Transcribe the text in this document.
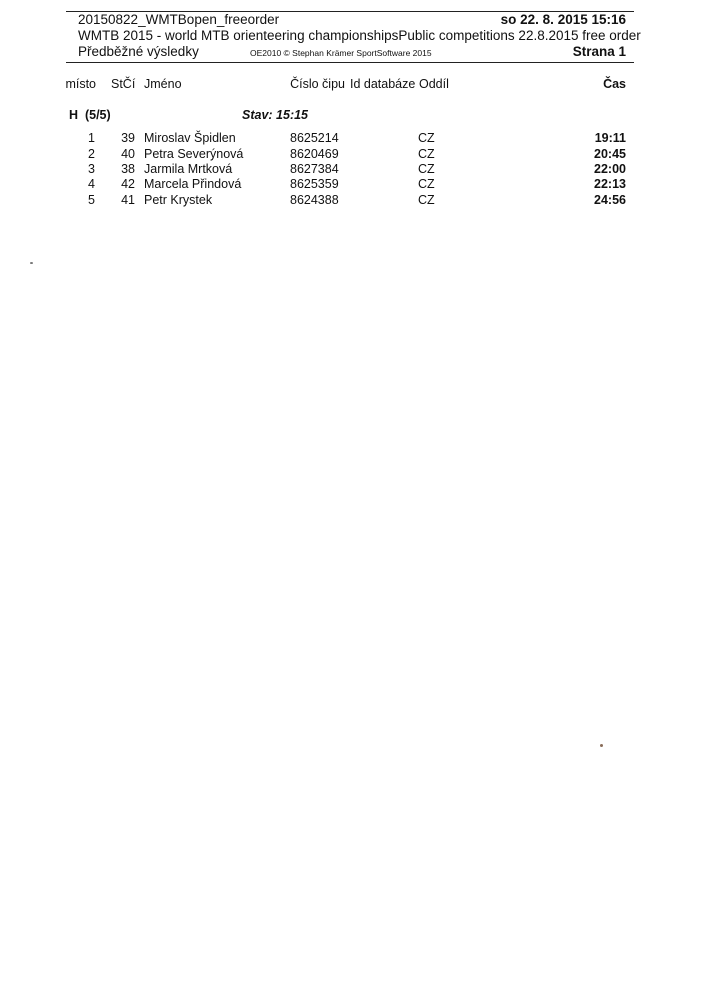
20150822_WMTBopen_freeorder	so 22. 8. 2015 15:16
WMTB 2015 - world MTB orienteering championshipsPublic competitions 22.8.2015 free order
Předběžné výsledky	OE2010 © Stephan Krämer SportSoftware 2015	Strana 1
místo StČí Jméno	Číslo čipu Id databáze Oddíl	Čas
H  (5/5)	Stav: 15:15
1	39 Miroslav Špidlen	8625214	CZ	19:11
2	40 Petra Severýnová	8620469	CZ	20:45
3	38 Jarmila Mrtková	8627384	CZ	22:00
4	42 Marcela Přindová	8625359	CZ	22:13
5	41 Petr Krystek	8624388	CZ	24:56
